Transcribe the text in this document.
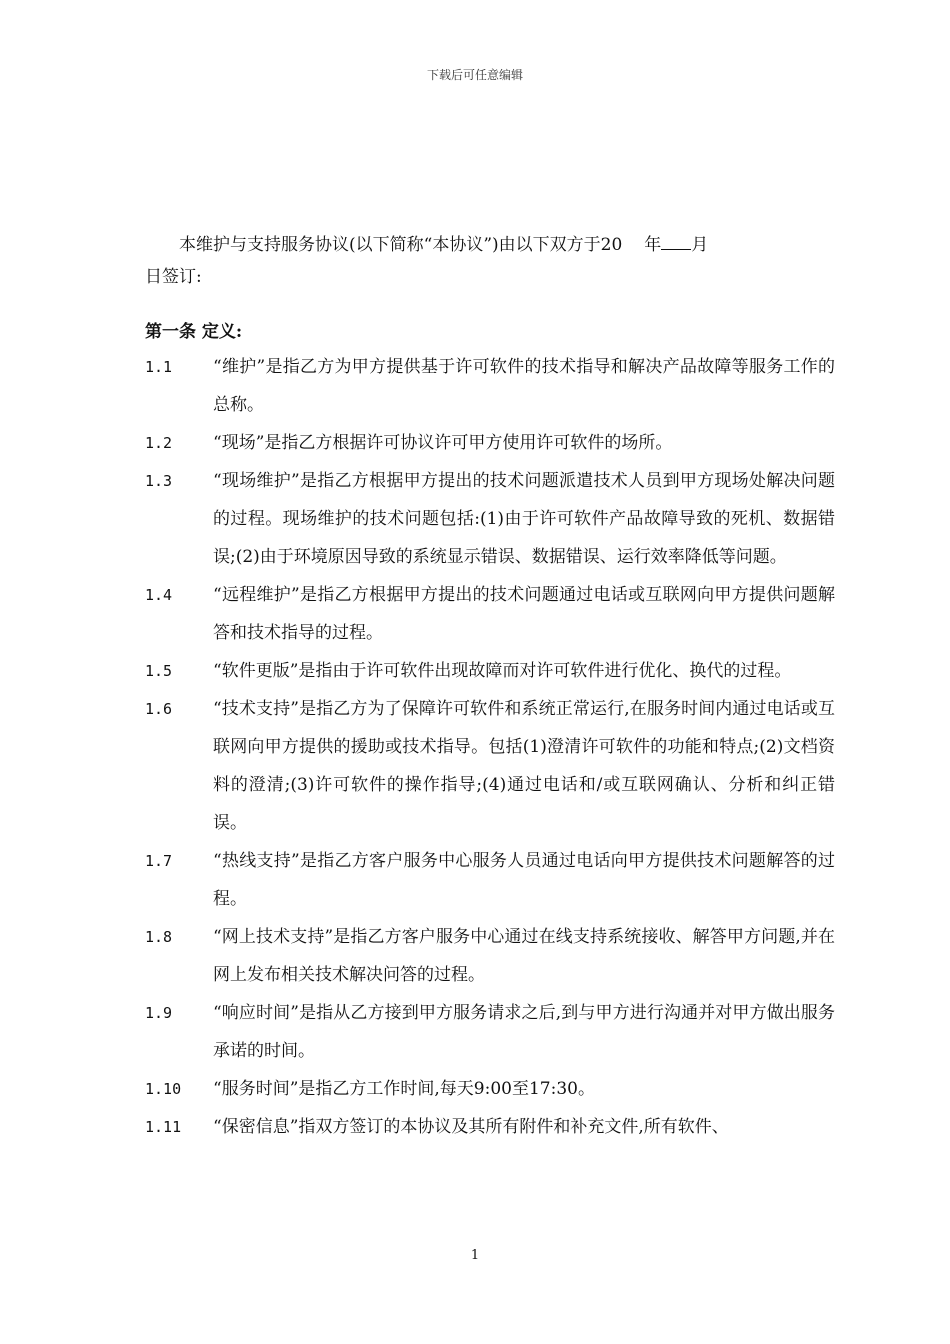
下载后可任意编辑

本维护与支持服务协议(以下简称“本协议”)由以下双方于20 年 月
日签订:

第一条 定义:
1.1	“维护”是指乙方为甲方提供基于许可软件的技术指导和解决产品故障等服务工作的总称。
1.2	“现场”是指乙方根据许可协议许可甲方使用许可软件的场所。
1.3	“现场维护”是指乙方根据甲方提出的技术问题派遣技术人员到甲方现场处解决问题的过程。现场维护的技术问题包括:(1)由于许可软件产品故障导致的死机、数据错误;(2)由于环境原因导致的系统显示错误、数据错误、运行效率降低等问题。
1.4	“远程维护”是指乙方根据甲方提出的技术问题通过电话或互联网向甲方提供问题解答和技术指导的过程。
1.5	“软件更版”是指由于许可软件出现故障而对许可软件进行优化、换代的过程。
1.6	“技术支持”是指乙方为了保障许可软件和系统正常运行,在服务时间内通过电话或互联网向甲方提供的援助或技术指导。包括(1)澄清许可软件的功能和特点;(2)文档资料的澄清;(3)许可软件的操作指导;(4)通过电话和/或互联网确认、分析和纠正错误。
1.7	“热线支持”是指乙方客户服务中心服务人员通过电话向甲方提供技术问题解答的过程。
1.8	“网上技术支持”是指乙方客户服务中心通过在线支持系统接收、解答甲方问题,并在网上发布相关技术解决问答的过程。
1.9	“响应时间”是指从乙方接到甲方服务请求之后,到与甲方进行沟通并对甲方做出服务承诺的时间。
1.10	“服务时间”是指乙方工作时间,每天9:00至17:30。
1.11	“保密信息”指双方签订的本协议及其所有附件和补充文件,所有软件、
1
